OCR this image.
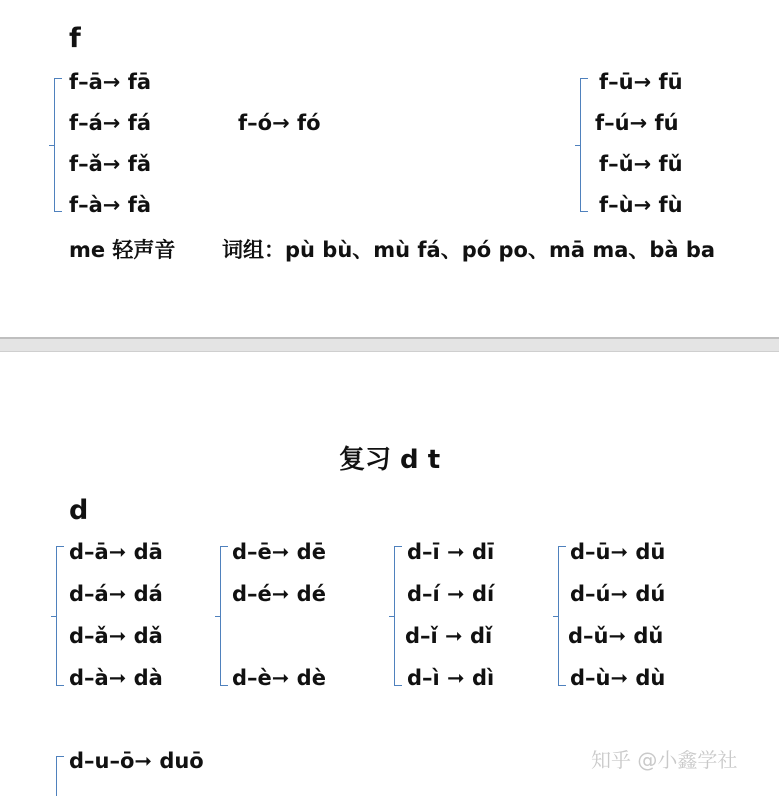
f
f–ā→ fā
f–á→ fá
f–ǎ→ fǎ
f–à→ fà
f–ó→ fó
f–ū→ fū
f–ú→ fú
f–ǔ→ fǔ
f–ù→ fù
me 轻声音 词组：pù bù、mù fá、pó po、mā ma、bà ba
复习 d t
d
d–ā➞ dā
d–á➞ dá
d–ǎ➞ dǎ
d–à➞ dà
d–ē➞ dē
d–é➞ dé
d–è➞ dè
d–ī ➞ dī
d–í ➞ dí
d–ǐ ➞ dǐ
d–ì ➞ dì
d–ū➞ dū
d–ú➞ dú
d–ǔ➞ dǔ
d–ù➞ dù
d–u–ō➞ duō	知乎 @小鑫学社
